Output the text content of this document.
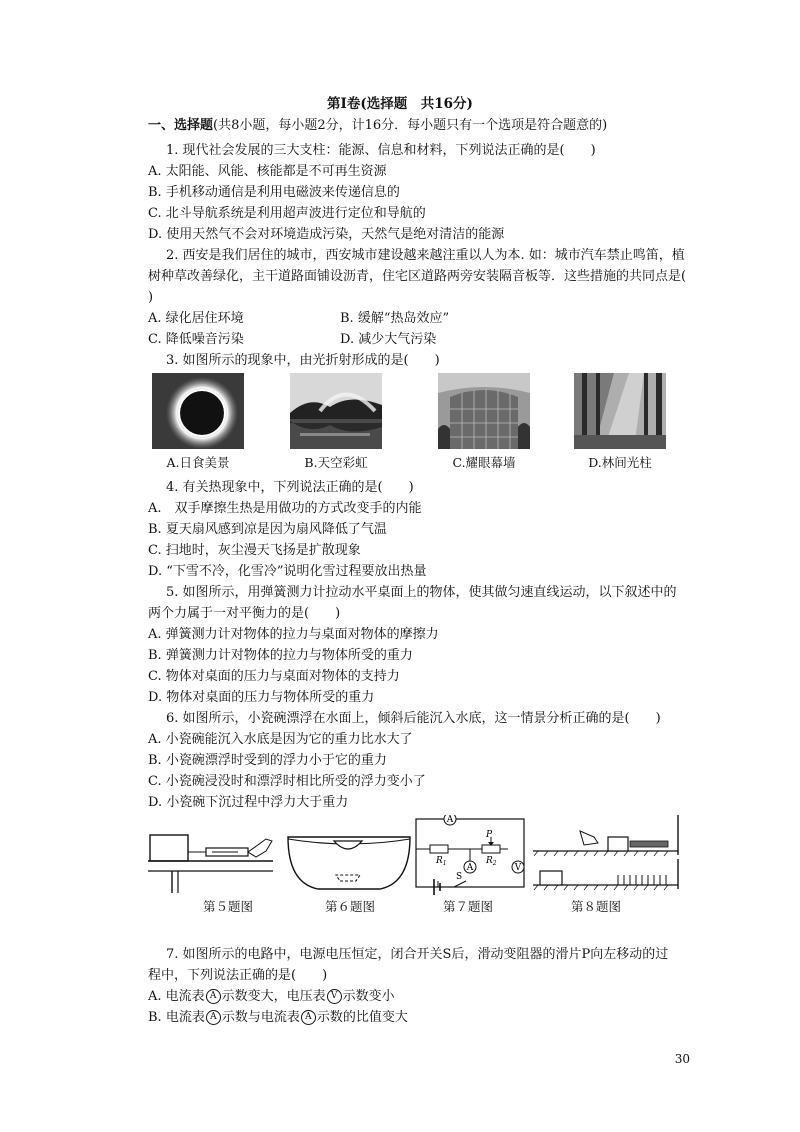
第Ⅰ卷(选择题　共16分)
一、选择题(共8小题，每小题2分，计16分．每小题只有一个选项是符合题意的)
1. 现代社会发展的三大支柱：能源、信息和材料，下列说法正确的是(　　)
A. 太阳能、风能、核能都是不可再生资源
B. 手机移动通信是利用电磁波来传递信息的
C. 北斗导航系统是利用超声波进行定位和导航的
D. 使用天然气不会对环境造成污染，天然气是绝对清洁的能源
2. 西安是我们居住的城市，西安城市建设越来越注重以人为本. 如：城市汽车禁止鸣笛，植
树种草改善绿化，主干道路面铺设沥青，住宅区道路两旁安装隔音板等．这些措施的共同点是(
)
A. 绿化居住环境	B. 缓解“热岛效应”
C. 降低噪音污染	D. 减少大气污染
3. 如图所示的现象中，由光折射形成的是(　　)
A.日食美景	B.天空彩虹	C.耀眼幕墙	D.林间光柱
4. 有关热现象中，下列说法正确的是(　　)
A.　双手摩擦生热是用做功的方式改变手的内能
B. 夏天扇风感到凉是因为扇风降低了气温
C. 扫地时，灰尘漫天飞扬是扩散现象
D. “下雪不冷，化雪冷”说明化雪过程要放出热量
5. 如图所示，用弹簧测力计拉动水平桌面上的物体，使其做匀速直线运动，以下叙述中的
两个力属于一对平衡力的是(　　)
A. 弹簧测力计对物体的拉力与桌面对物体的摩擦力
B. 弹簧测力计对物体的拉力与物体所受的重力
C. 物体对桌面的压力与桌面对物体的支持力
D. 物体对桌面的压力与物体所受的重力
6. 如图所示，小瓷碗漂浮在水面上，倾斜后能沉入水底，这一情景分析正确的是(　　)
A. 小瓷碗能沉入水底是因为它的重力比水大了
B. 小瓷碗漂浮时受到的浮力小于它的重力
C. 小瓷碗浸没时和漂浮时相比所受的浮力变小了
D. 小瓷碗下沉过程中浮力大于重力
A
$R_1$	$R_2$
P
A	V
S
第５题图	第６题图	第７题图	第８题图
7. 如图所示的电路中，电源电压恒定，闭合开关S后，滑动变阻器的滑片P向左移动的过
程中，下列说法正确的是(　　)
A. 电流表 A 示数变大，电压表 V 示数变小
B. 电流表 A 示数与电流表 A 示数的比值变大
30
